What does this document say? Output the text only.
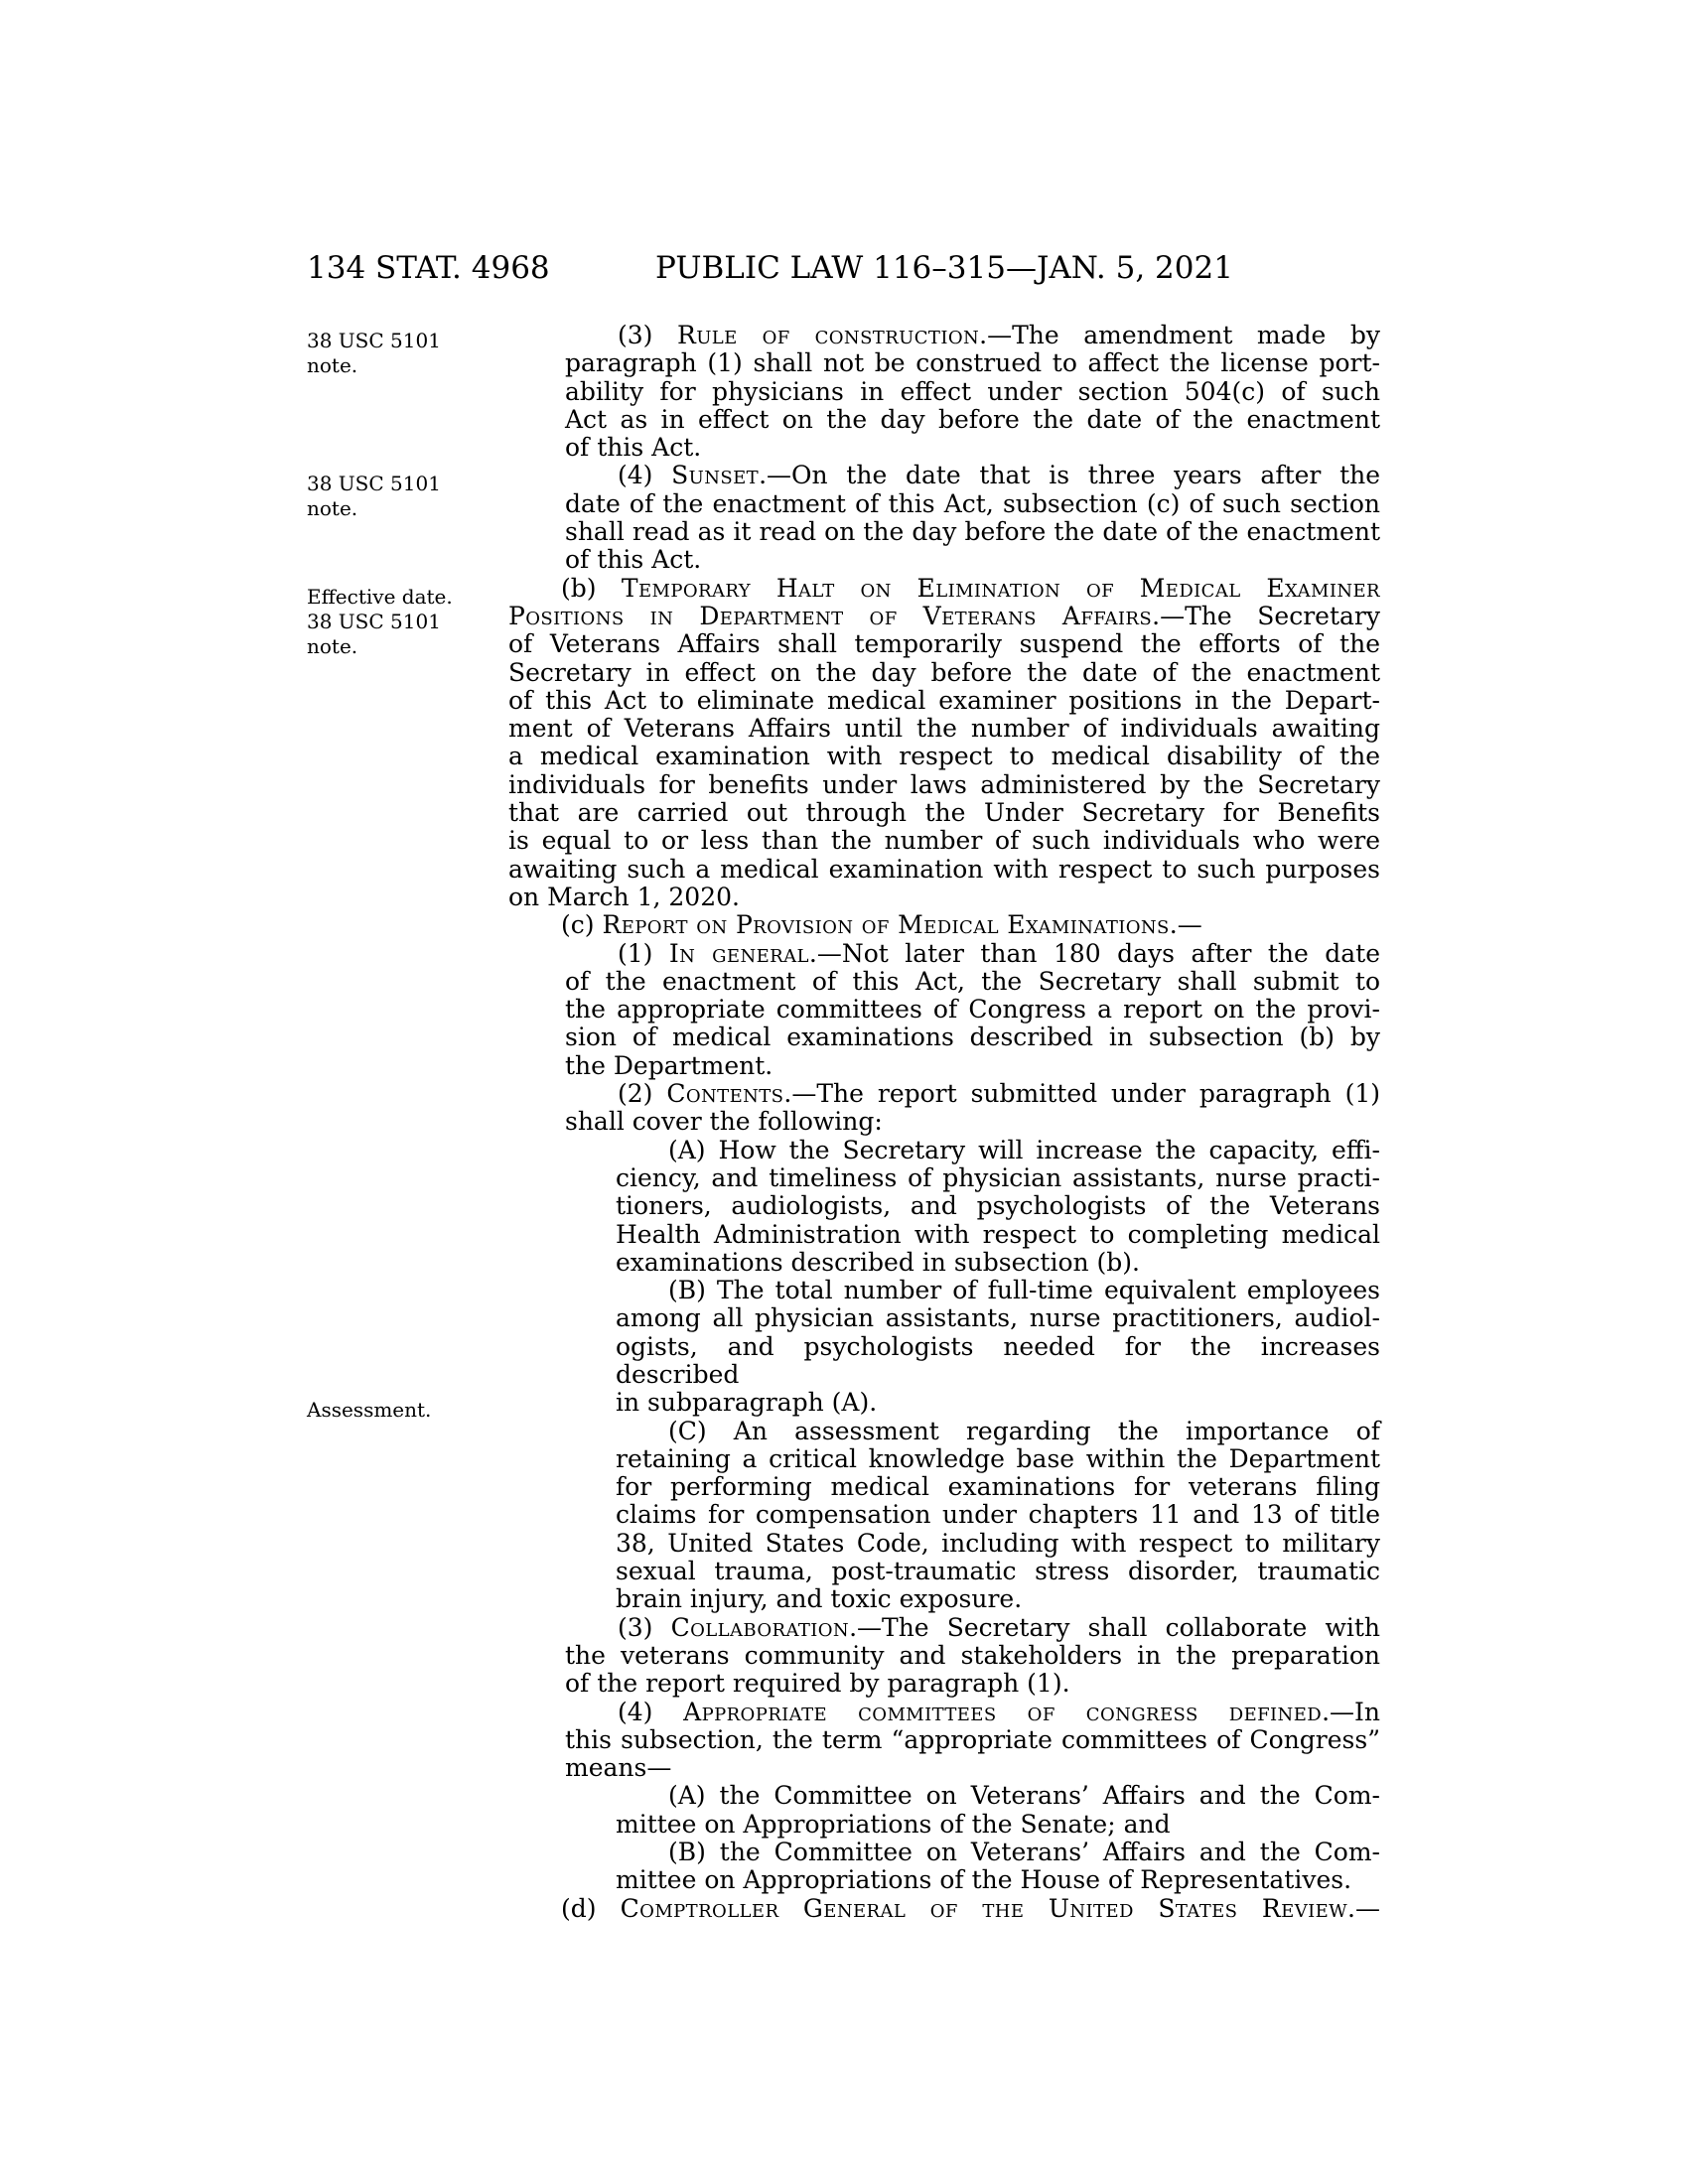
134 STAT. 4968	PUBLIC LAW 116–315—JAN. 5, 2021
38 USC 5101
note.
38 USC 5101
note.
Effective date.
38 USC 5101
note.
Assessment.
(3) Rule of construction.—The amendment made by
paragraph (1) shall not be construed to affect the license port-
ability for physicians in effect under section 504(c) of such
Act as in effect on the day before the date of the enactment
of this Act.
(4) Sunset.—On the date that is three years after the
date of the enactment of this Act, subsection (c) of such section
shall read as it read on the day before the date of the enactment
of this Act.
(b) Temporary Halt on Elimination of Medical Examiner
Positions in Department of Veterans Affairs.—The Secretary
of Veterans Affairs shall temporarily suspend the efforts of the
Secretary in effect on the day before the date of the enactment
of this Act to eliminate medical examiner positions in the Depart-
ment of Veterans Affairs until the number of individuals awaiting
a medical examination with respect to medical disability of the
individuals for benefits under laws administered by the Secretary
that are carried out through the Under Secretary for Benefits
is equal to or less than the number of such individuals who were
awaiting such a medical examination with respect to such purposes
on March 1, 2020.
(c) Report on Provision of Medical Examinations.—
(1) In general.—Not later than 180 days after the date
of the enactment of this Act, the Secretary shall submit to
the appropriate committees of Congress a report on the provi-
sion of medical examinations described in subsection (b) by
the Department.
(2) Contents.—The report submitted under paragraph (1)
shall cover the following:
(A) How the Secretary will increase the capacity, effi-
ciency, and timeliness of physician assistants, nurse practi-
tioners, audiologists, and psychologists of the Veterans
Health Administration with respect to completing medical
examinations described in subsection (b).
(B) The total number of full-time equivalent employees
among all physician assistants, nurse practitioners, audiol-
ogists, and psychologists needed for the increases described
in subparagraph (A).
(C) An assessment regarding the importance of
retaining a critical knowledge base within the Department
for performing medical examinations for veterans filing
claims for compensation under chapters 11 and 13 of title
38, United States Code, including with respect to military
sexual trauma, post-traumatic stress disorder, traumatic
brain injury, and toxic exposure.
(3) Collaboration.—The Secretary shall collaborate with
the veterans community and stakeholders in the preparation
of the report required by paragraph (1).
(4) Appropriate committees of congress defined.—In
this subsection, the term “appropriate committees of Congress”
means—
(A) the Committee on Veterans’ Affairs and the Com-
mittee on Appropriations of the Senate; and
(B) the Committee on Veterans’ Affairs and the Com-
mittee on Appropriations of the House of Representatives.
(d) Comptroller General of the United States Review.—
